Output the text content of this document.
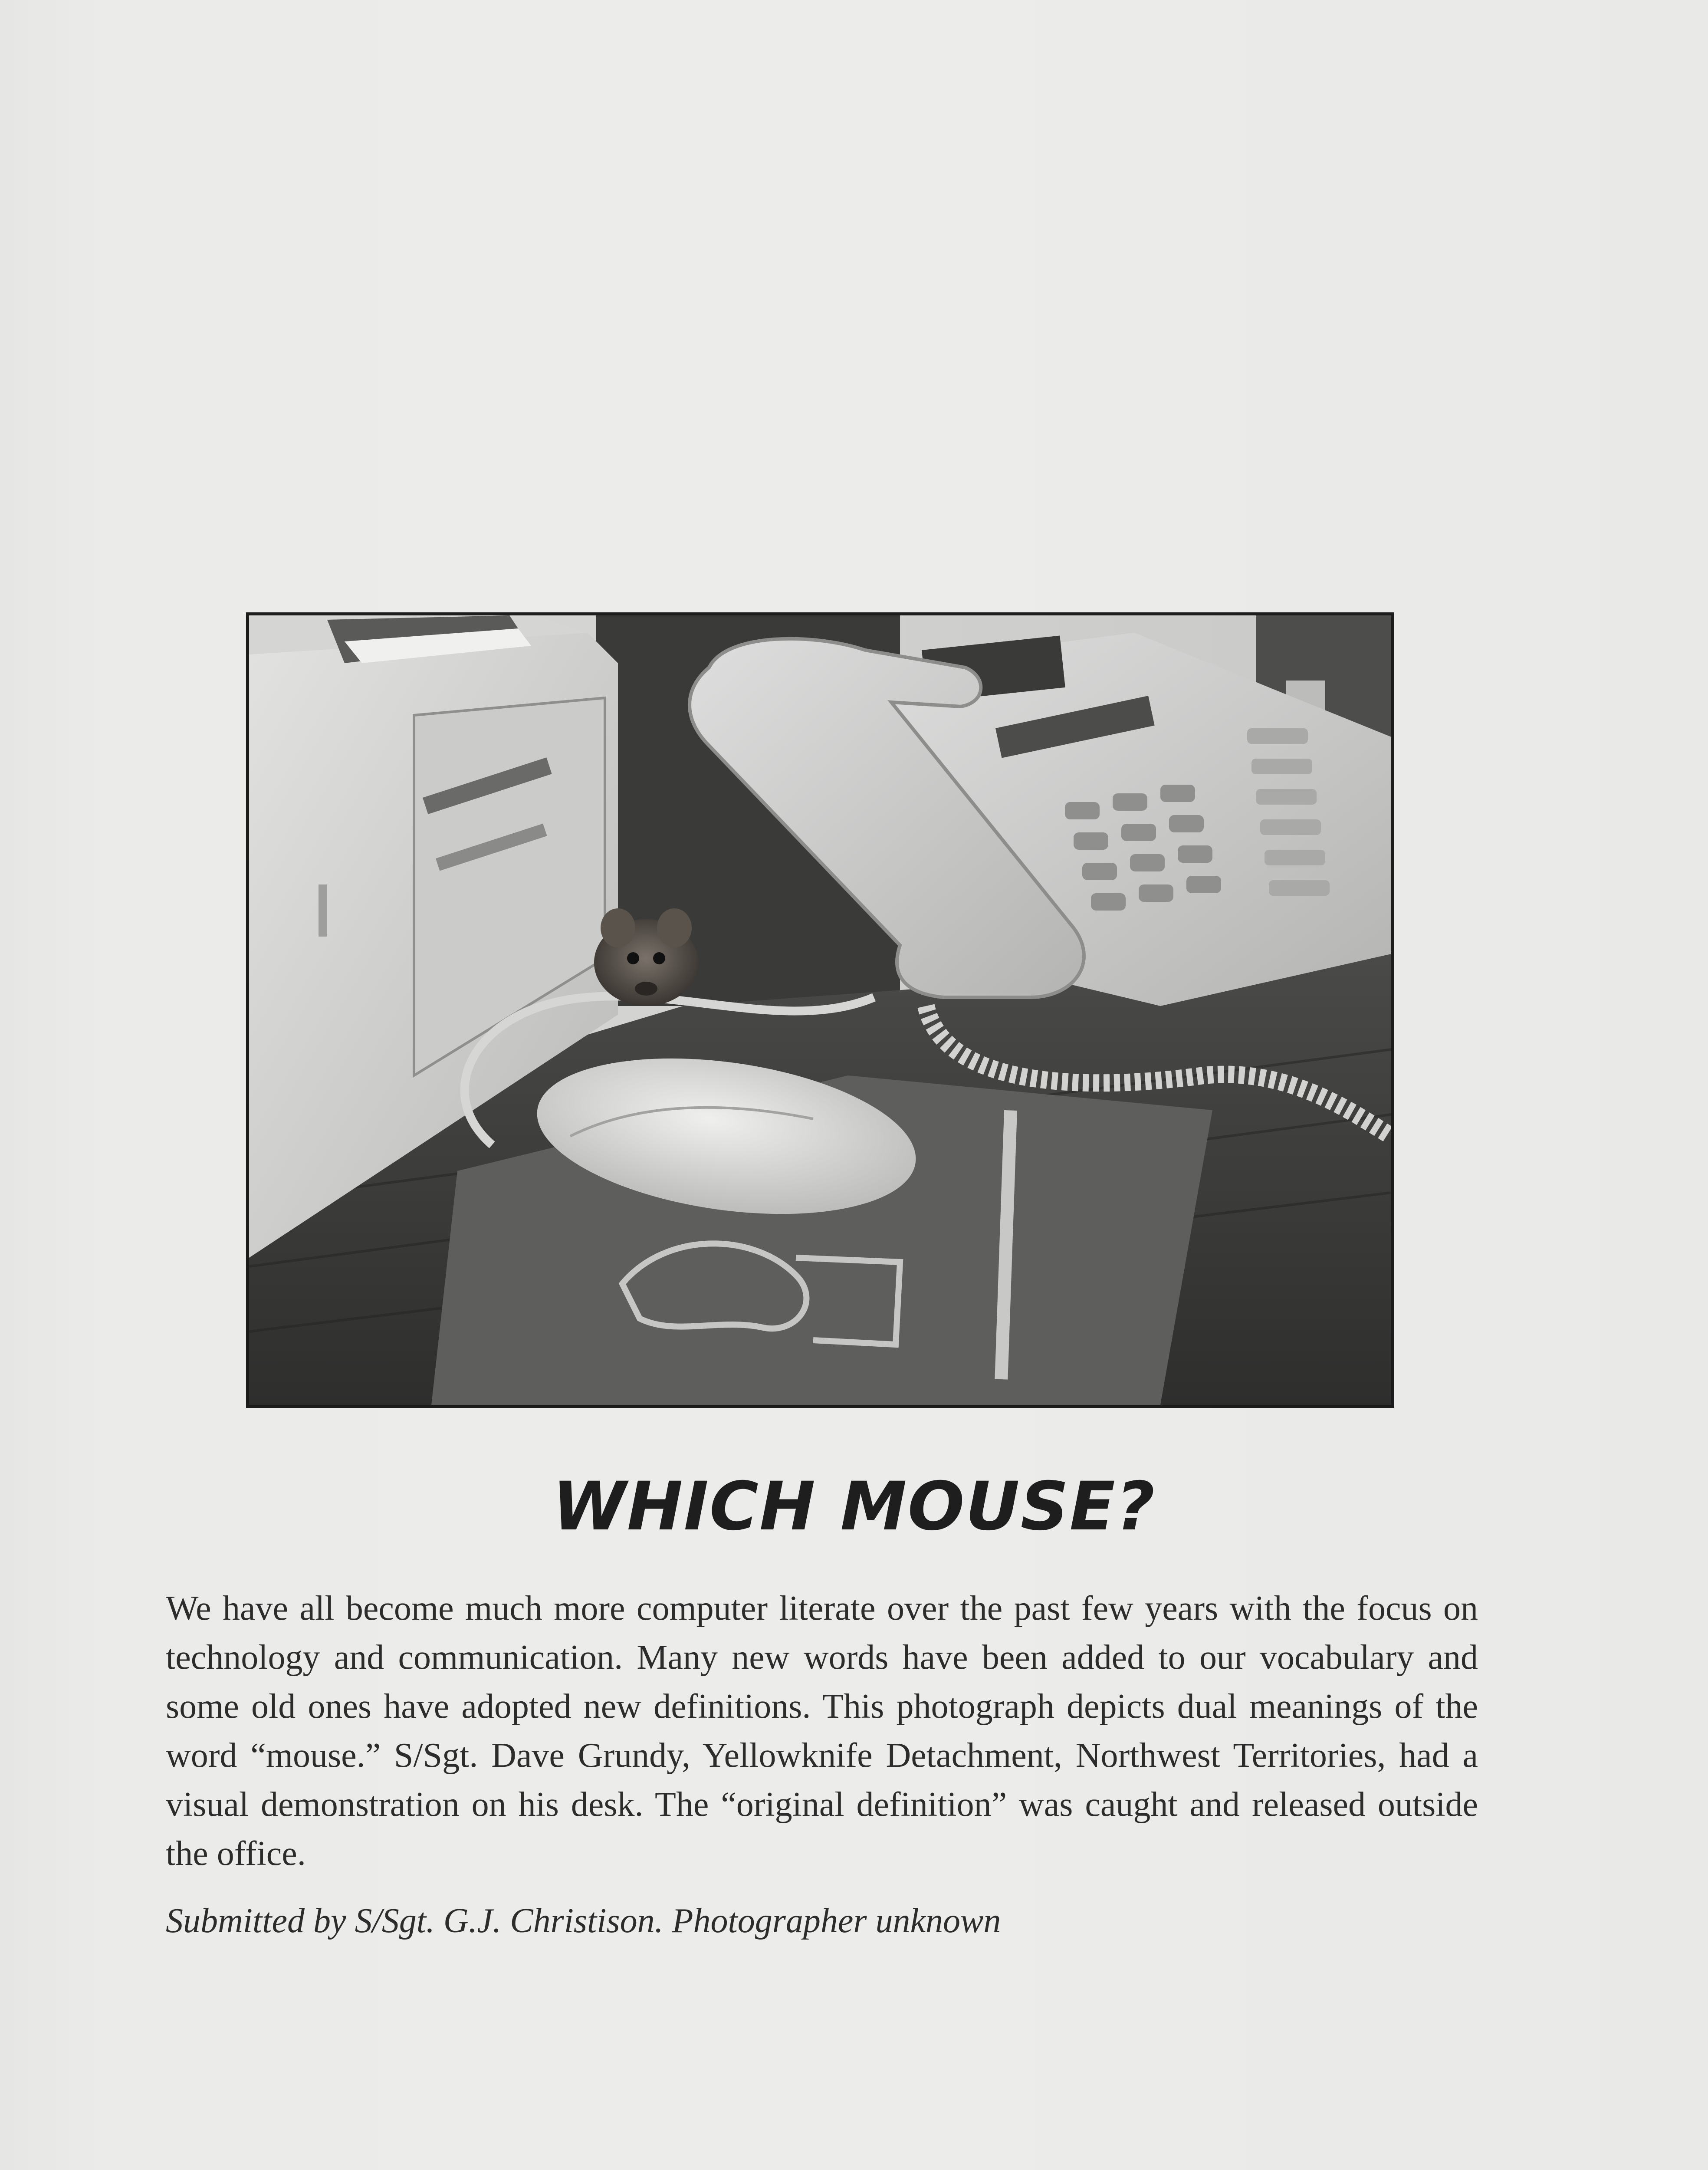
WHICH MOUSE?

We have all become much more computer literate over the past few years with the focus on technology and communication. Many new words have been added to our vocabulary and some old ones have adopted new definitions. This photograph depicts dual meanings of the word “mouse.” S/Sgt. Dave Grundy, Yellowknife Detachment, Northwest Territories, had a visual demonstration on his desk. The “original definition” was caught and released outside the office.

Submitted by S/Sgt. G.J. Christison. Photographer unknown
